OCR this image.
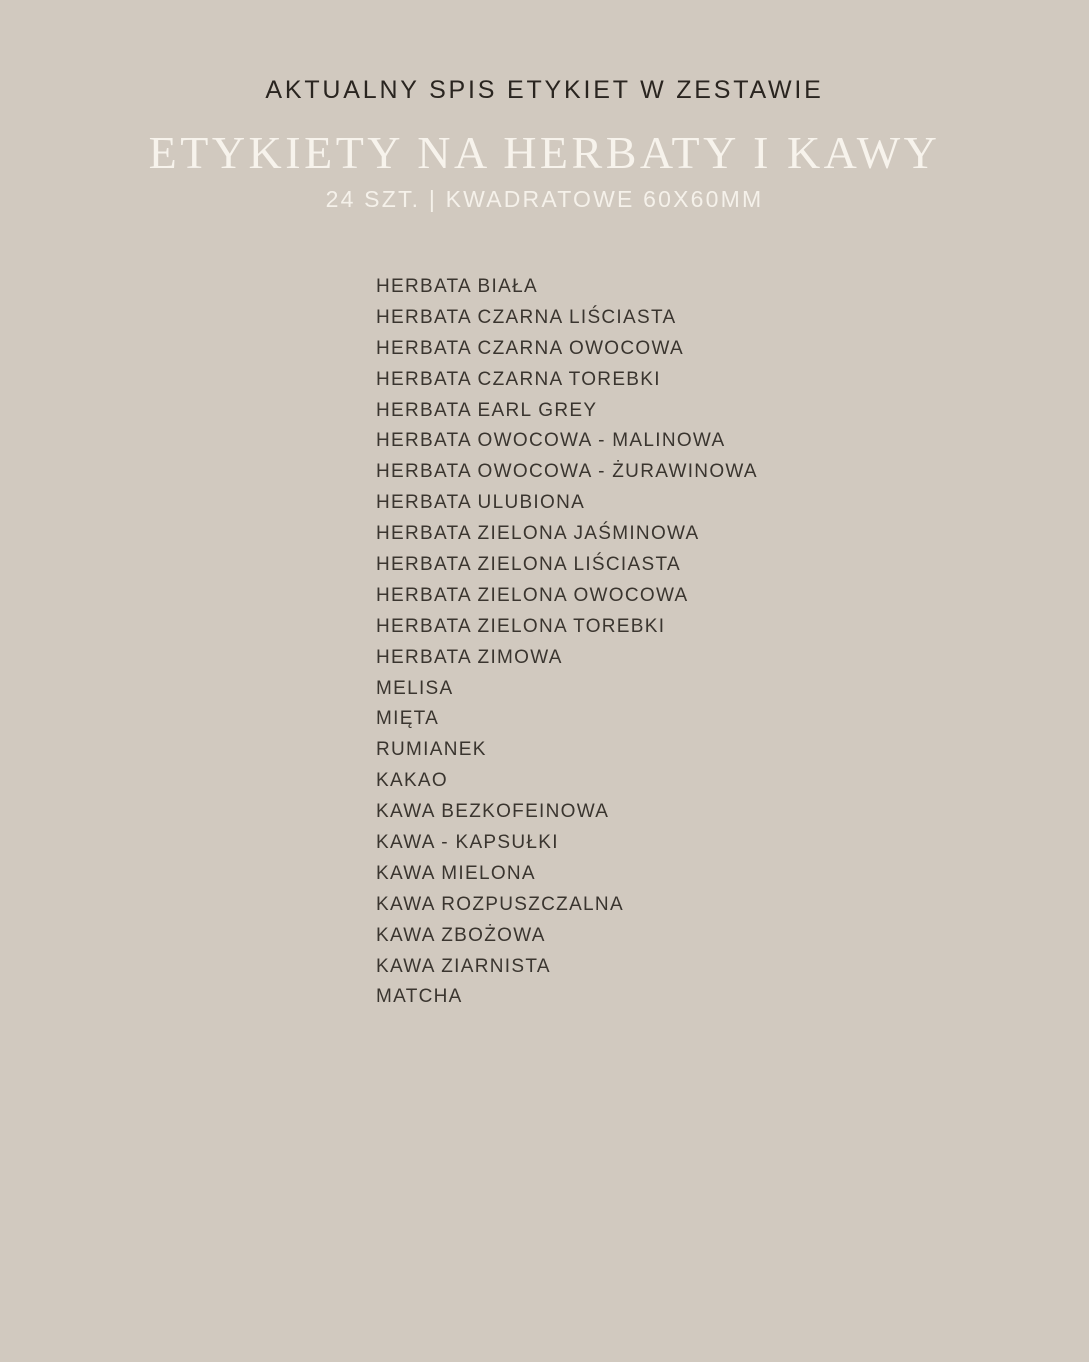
AKTUALNY SPIS ETYKIET W ZESTAWIE
ETYKIETY NA HERBATY I KAWY
24 SZT. | KWADRATOWE 60X60MM
HERBATA BIAŁA
HERBATA CZARNA LIŚCIASTA
HERBATA CZARNA OWOCOWA
HERBATA CZARNA TOREBKI
HERBATA EARL GREY
HERBATA OWOCOWA - MALINOWA
HERBATA OWOCOWA - ŻURAWINOWA
HERBATA ULUBIONA
HERBATA ZIELONA JAŚMINOWA
HERBATA ZIELONA LIŚCIASTA
HERBATA ZIELONA OWOCOWA
HERBATA ZIELONA TOREBKI
HERBATA ZIMOWA
MELISA
MIĘTA
RUMIANEK
KAKAO
KAWA BEZKOFEINOWA
KAWA - KAPSUŁKI
KAWA MIELONA
KAWA ROZPUSZCZALNA
KAWA ZBOŻOWA
KAWA ZIARNISTA
MATCHA
